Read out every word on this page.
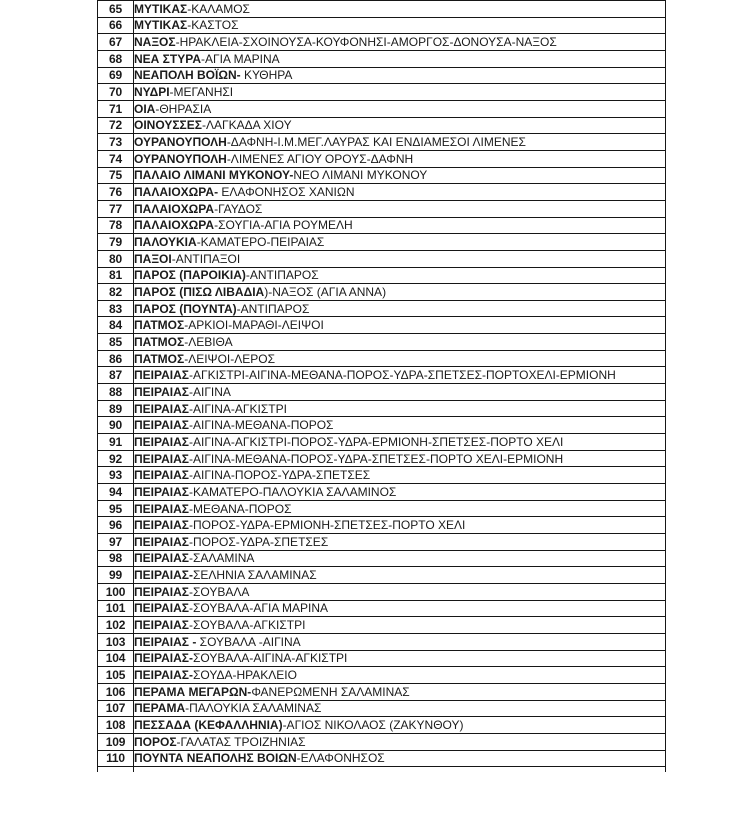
65	ΜΥΤΙΚΑΣ-ΚΑΛΑΜΟΣ
66	ΜΥΤΙΚΑΣ-ΚΑΣΤΟΣ
67	ΝΑΞΟΣ-ΗΡΑΚΛΕΙΑ-ΣΧΟΙΝΟΥΣΑ-ΚΟΥΦΟΝΗΣΙ-ΑΜΟΡΓΟΣ-ΔΟΝΟΥΣΑ-ΝΑΞΟΣ
68	ΝΕΑ ΣΤΥΡΑ-ΑΓΙΑ ΜΑΡΙΝΑ
69	ΝΕΑΠΟΛΗ ΒΟΪΩΝ- ΚΥΘΗΡΑ
70	ΝΥΔΡΙ-ΜΕΓΑΝΗΣΙ
71	ΟΙΑ-ΘΗΡΑΣΙΑ
72	ΟΙΝΟΥΣΣΕΣ-ΛΑΓΚΑΔΑ ΧΙΟΥ
73	ΟΥΡΑΝΟΥΠΟΛΗ-ΔΑΦΝΗ-Ι.Μ.ΜΕΓ.ΛΑΥΡΑΣ ΚΑΙ ΕΝΔΙΑΜΕΣΟΙ ΛΙΜΕΝΕΣ
74	ΟΥΡΑΝΟΥΠΟΛΗ-ΛΙΜΕΝΕΣ ΑΓΙΟΥ ΟΡΟΥΣ-ΔΑΦΝΗ
75	ΠΑΛΑΙΟ ΛΙΜΑΝΙ ΜΥΚΟΝΟΥ-ΝΕΟ ΛΙΜΑΝΙ ΜΥΚΟΝΟΥ
76	ΠΑΛΑΙΟΧΩΡΑ- ΕΛΑΦΟΝΗΣΟΣ ΧΑΝΙΩΝ
77	ΠΑΛΑΙΟΧΩΡΑ-ΓΑΥΔΟΣ
78	ΠΑΛΑΙΟΧΩΡΑ-ΣΟΥΓΙΑ-ΑΓΙΑ ΡΟΥΜΕΛΗ
79	ΠΑΛΟΥΚΙΑ-ΚΑΜΑΤΕΡΟ-ΠΕΙΡΑΙΑΣ
80	ΠΑΞΟΙ-ΑΝΤΙΠΑΞΟΙ
81	ΠΑΡΟΣ (ΠΑΡΟΙΚΙΑ)-ΑΝΤΙΠΑΡΟΣ
82	ΠΑΡΟΣ (ΠΙΣΩ ΛΙΒΑΔΙΑ)-ΝΑΞΟΣ (ΑΓΙΑ ΑΝΝΑ)
83	ΠΑΡΟΣ (ΠΟΥΝΤΑ)-ΑΝΤΙΠΑΡΟΣ
84	ΠΑΤΜΟΣ-ΑΡΚΙΟΙ-ΜΑΡΑΘΙ-ΛΕΙΨΟΙ
85	ΠΑΤΜΟΣ-ΛΕΒΙΘΑ
86	ΠΑΤΜΟΣ-ΛΕΙΨΟΙ-ΛΕΡΟΣ
87	ΠΕΙΡΑΙΑΣ-ΑΓΚΙΣΤΡΙ-ΑΙΓΙΝΑ-ΜΕΘΑΝΑ-ΠΟΡΟΣ-ΥΔΡΑ-ΣΠΕΤΣΕΣ-ΠΟΡΤΟΧΕΛΙ-ΕΡΜΙΟΝΗ
88	ΠΕΙΡΑΙΑΣ-ΑΙΓΙΝΑ
89	ΠΕΙΡΑΙΑΣ-ΑΙΓΙΝΑ-ΑΓΚΙΣΤΡΙ
90	ΠΕΙΡΑΙΑΣ-ΑΙΓΙΝΑ-ΜΕΘΑΝΑ-ΠΟΡΟΣ
91	ΠΕΙΡΑΙΑΣ-ΑΙΓΙΝΑ-ΑΓΚΙΣΤΡΙ-ΠΟΡΟΣ-ΥΔΡΑ-ΕΡΜΙΟΝΗ-ΣΠΕΤΣΕΣ-ΠΟΡΤΟ ΧΕΛΙ
92	ΠΕΙΡΑΙΑΣ-ΑΙΓΙΝΑ-ΜΕΘΑΝΑ-ΠΟΡΟΣ-ΥΔΡΑ-ΣΠΕΤΣΕΣ-ΠΟΡΤΟ ΧΕΛΙ-ΕΡΜΙΟΝΗ
93	ΠΕΙΡΑΙΑΣ-ΑΙΓΙΝΑ-ΠΟΡΟΣ-ΥΔΡΑ-ΣΠΕΤΣΕΣ
94	ΠΕΙΡΑΙΑΣ-ΚΑΜΑΤΕΡΟ-ΠΑΛΟΥΚΙΑ ΣΑΛΑΜΙΝΟΣ
95	ΠΕΙΡΑΙΑΣ-ΜΕΘΑΝΑ-ΠΟΡΟΣ
96	ΠΕΙΡΑΙΑΣ-ΠΟΡΟΣ-ΥΔΡΑ-ΕΡΜΙΟΝΗ-ΣΠΕΤΣΕΣ-ΠΟΡΤΟ ΧΕΛΙ
97	ΠΕΙΡΑΙΑΣ-ΠΟΡΟΣ-ΥΔΡΑ-ΣΠΕΤΣΕΣ
98	ΠΕΙΡΑΙΑΣ-ΣΑΛΑΜΙΝΑ
99	ΠΕΙΡΑΙΑΣ-ΣΕΛΗΝΙΑ ΣΑΛΑΜΙΝΑΣ
100	ΠΕΙΡΑΙΑΣ-ΣΟΥΒΑΛΑ
101	ΠΕΙΡΑΙΑΣ-ΣΟΥΒΑΛΑ-ΑΓΙΑ ΜΑΡΙΝΑ
102	ΠΕΙΡΑΙΑΣ-ΣΟΥΒΑΛΑ-ΑΓΚΙΣΤΡΙ
103	ΠΕΙΡΑΙΑΣ - ΣΟΥΒΑΛΑ -ΑΙΓΙΝΑ
104	ΠΕΙΡΑΙΑΣ-ΣΟΥΒΑΛΑ-ΑΙΓΙΝΑ-ΑΓΚΙΣΤΡΙ
105	ΠΕΙΡΑΙΑΣ-ΣΟΥΔΑ-ΗΡΑΚΛΕΙΟ
106	ΠΕΡΑΜΑ ΜΕΓΑΡΩΝ-ΦΑΝΕΡΩΜΕΝΗ ΣΑΛΑΜΙΝΑΣ
107	ΠΕΡΑΜΑ-ΠΑΛΟΥΚΙΑ ΣΑΛΑΜΙΝΑΣ
108	ΠΕΣΣΑΔΑ (ΚΕΦΑΛΛΗΝΙΑ)-ΑΓΙΟΣ ΝΙΚΟΛΑΟΣ (ΖΑΚΥΝΘΟΥ)
109	ΠΟΡΟΣ-ΓΑΛΑΤΑΣ ΤΡΟΙΖΗΝΙΑΣ
110	ΠΟΥΝΤΑ ΝΕΑΠΟΛΗΣ ΒΟΙΩΝ-ΕΛΑΦΟΝΗΣΟΣ
